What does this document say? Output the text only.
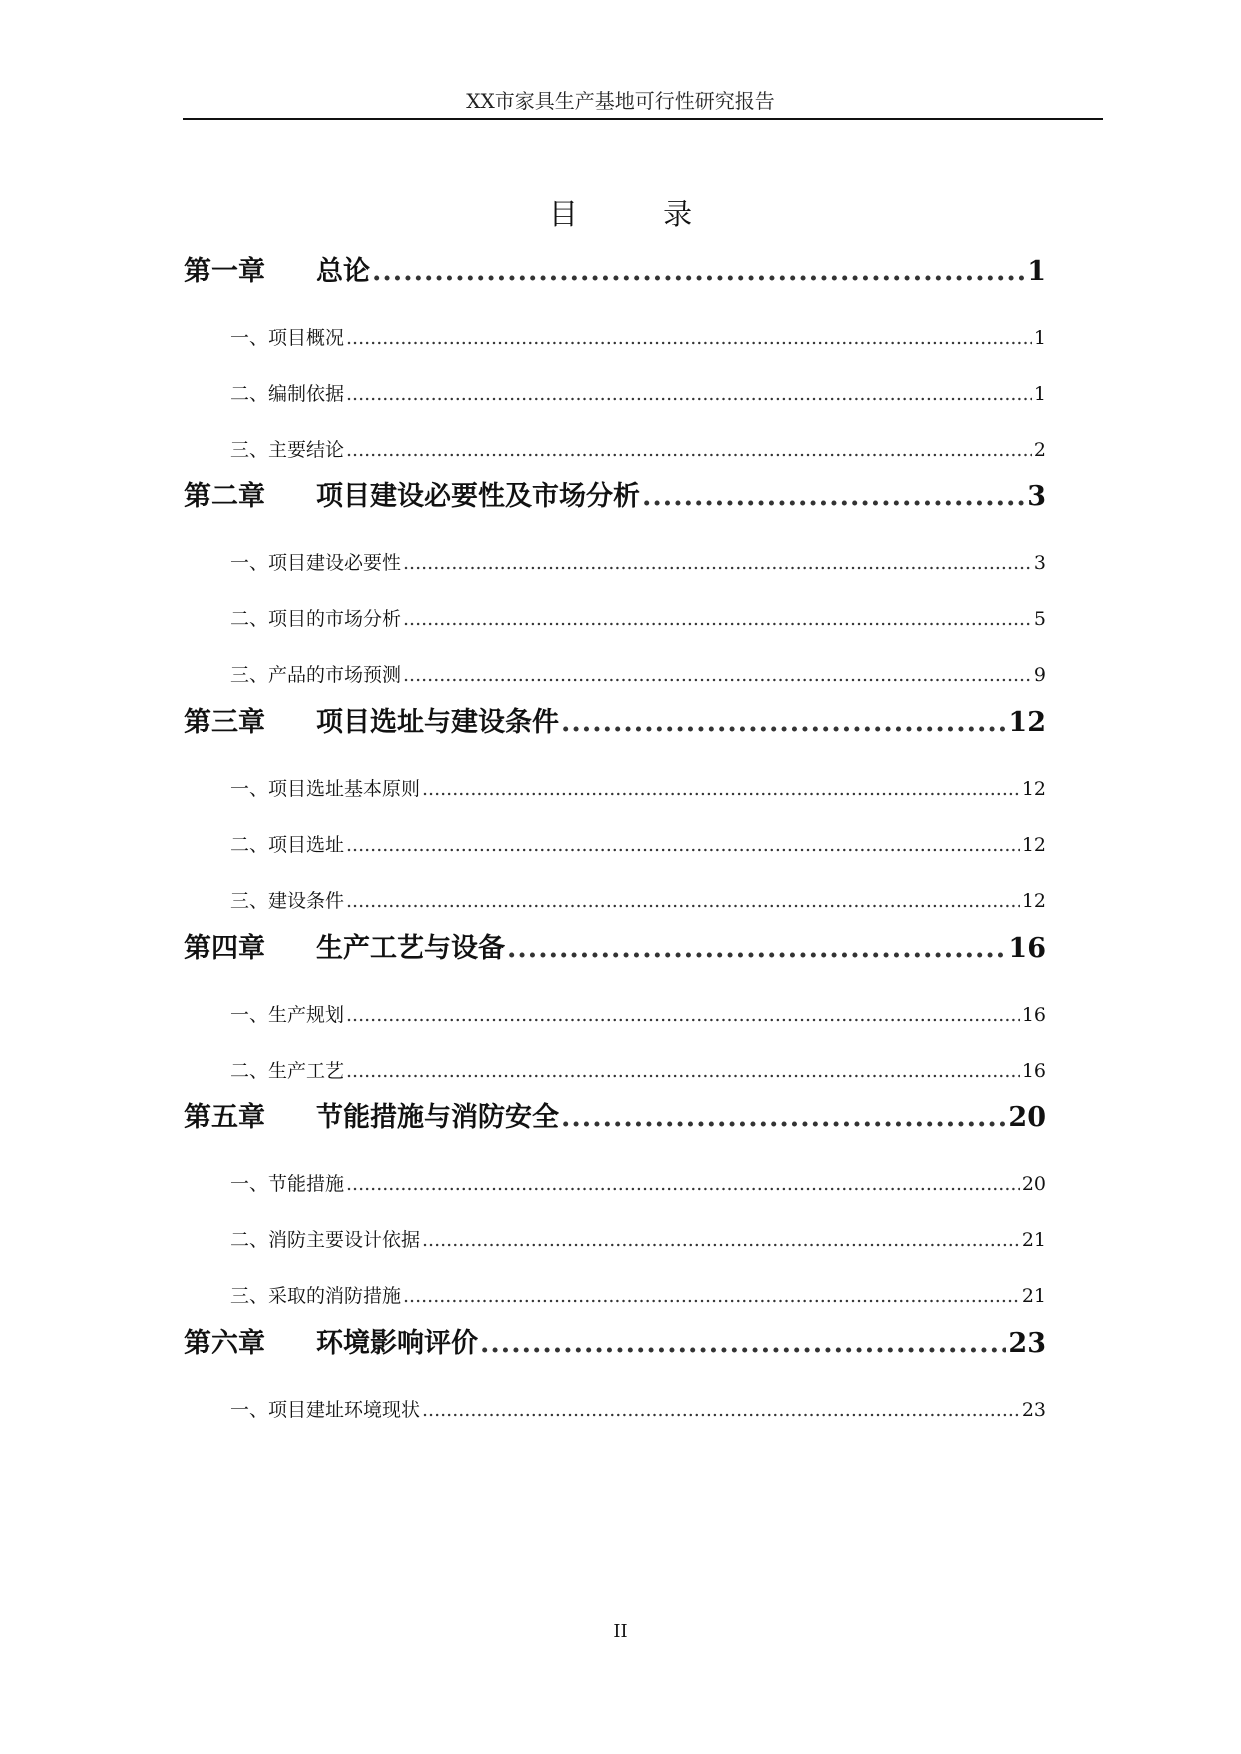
XX市家具生产基地可行性研究报告
目 录
第一章	总论 .....	1
一、项目概况 .....	1
二、编制依据 .....	1
三、主要结论 .....	2
第二章	项目建设必要性及市场分析 .....	3
一、项目建设必要性 .....	3
二、项目的市场分析 .....	5
三、产品的市场预测 .....	9
第三章	项目选址与建设条件 .....	12
一、项目选址基本原则 .....	12
二、项目选址 .....	12
三、建设条件 .....	12
第四章	生产工艺与设备 .....	16
一、生产规划 .....	16
二、生产工艺 .....	16
第五章	节能措施与消防安全 .....	20
一、节能措施 .....	20
二、消防主要设计依据 .....	21
三、采取的消防措施 .....	21
第六章	环境影响评价 .....	23
一、项目建址环境现状 .....	23
II
